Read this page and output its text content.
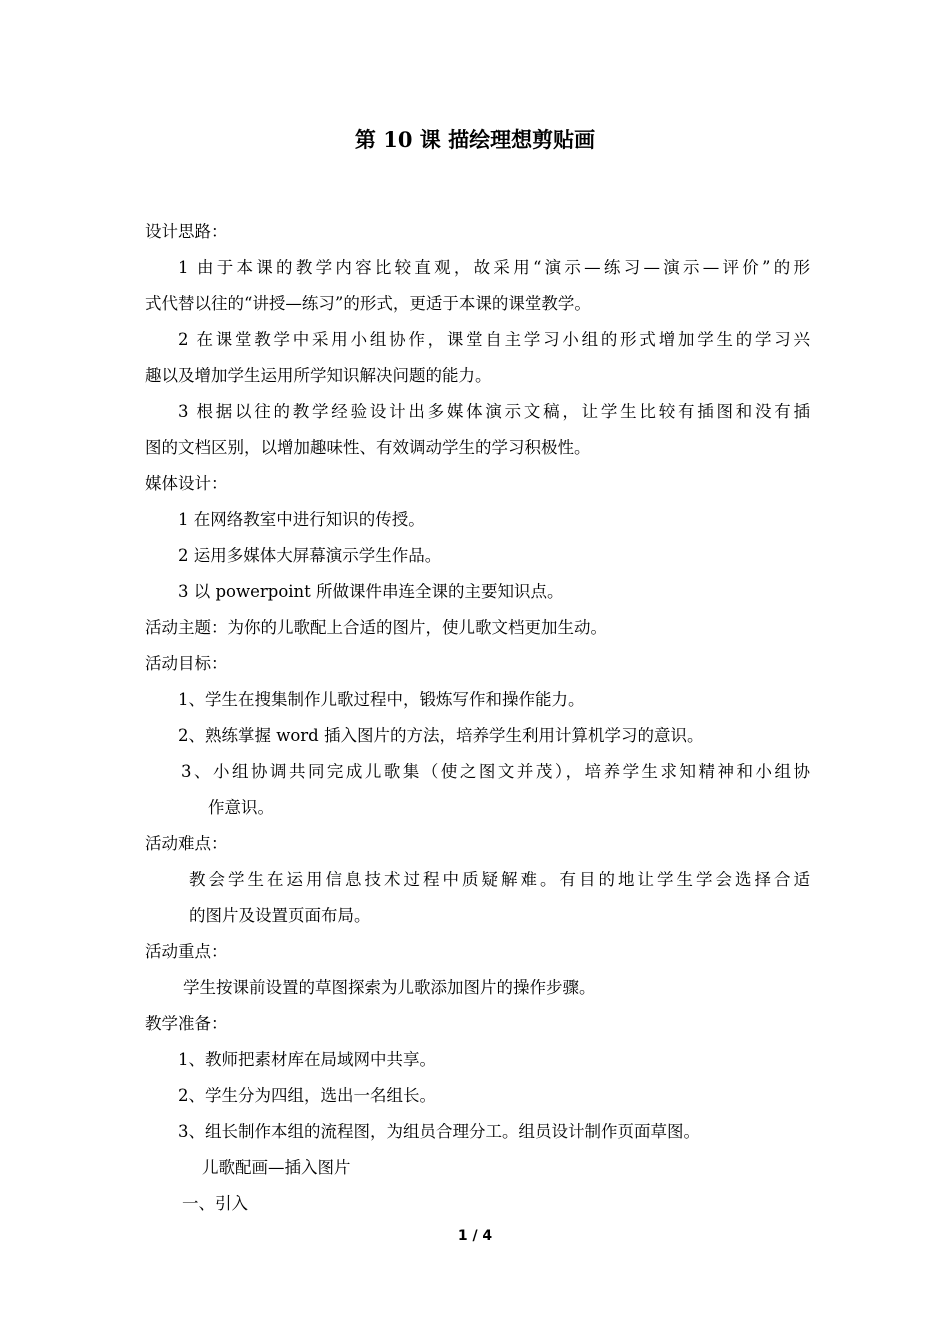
第 10 课 描绘理想剪贴画
设计思路：
1 由于本课的教学内容比较直观，故采用“演示—练习—演示—评价”的形
式代替以往的“讲授—练习”的形式，更适于本课的课堂教学。
2 在课堂教学中采用小组协作，课堂自主学习小组的形式增加学生的学习兴
趣以及增加学生运用所学知识解决问题的能力。
3 根据以往的教学经验设计出多媒体演示文稿，让学生比较有插图和没有插
图的文档区别，以增加趣味性、有效调动学生的学习积极性。
媒体设计：
1 在网络教室中进行知识的传授。
2 运用多媒体大屏幕演示学生作品。
3 以 powerpoint 所做课件串连全课的主要知识点。
活动主题：为你的儿歌配上合适的图片，使儿歌文档更加生动。
活动目标：
1、学生在搜集制作儿歌过程中，锻炼写作和操作能力。
2、熟练掌握 word 插入图片的方法，培养学生利用计算机学习的意识。
3、小组协调共同完成儿歌集（使之图文并茂），培养学生求知精神和小组协
作意识。
活动难点：
教会学生在运用信息技术过程中质疑解难。有目的地让学生学会选择合适
的图片及设置页面布局。
活动重点：
学生按课前设置的草图探索为儿歌添加图片的操作步骤。
教学准备：
1、教师把素材库在局域网中共享。
2、学生分为四组，选出一名组长。
3、组长制作本组的流程图，为组员合理分工。组员设计制作页面草图。
儿歌配画—插入图片
一、引入
1 / 4
